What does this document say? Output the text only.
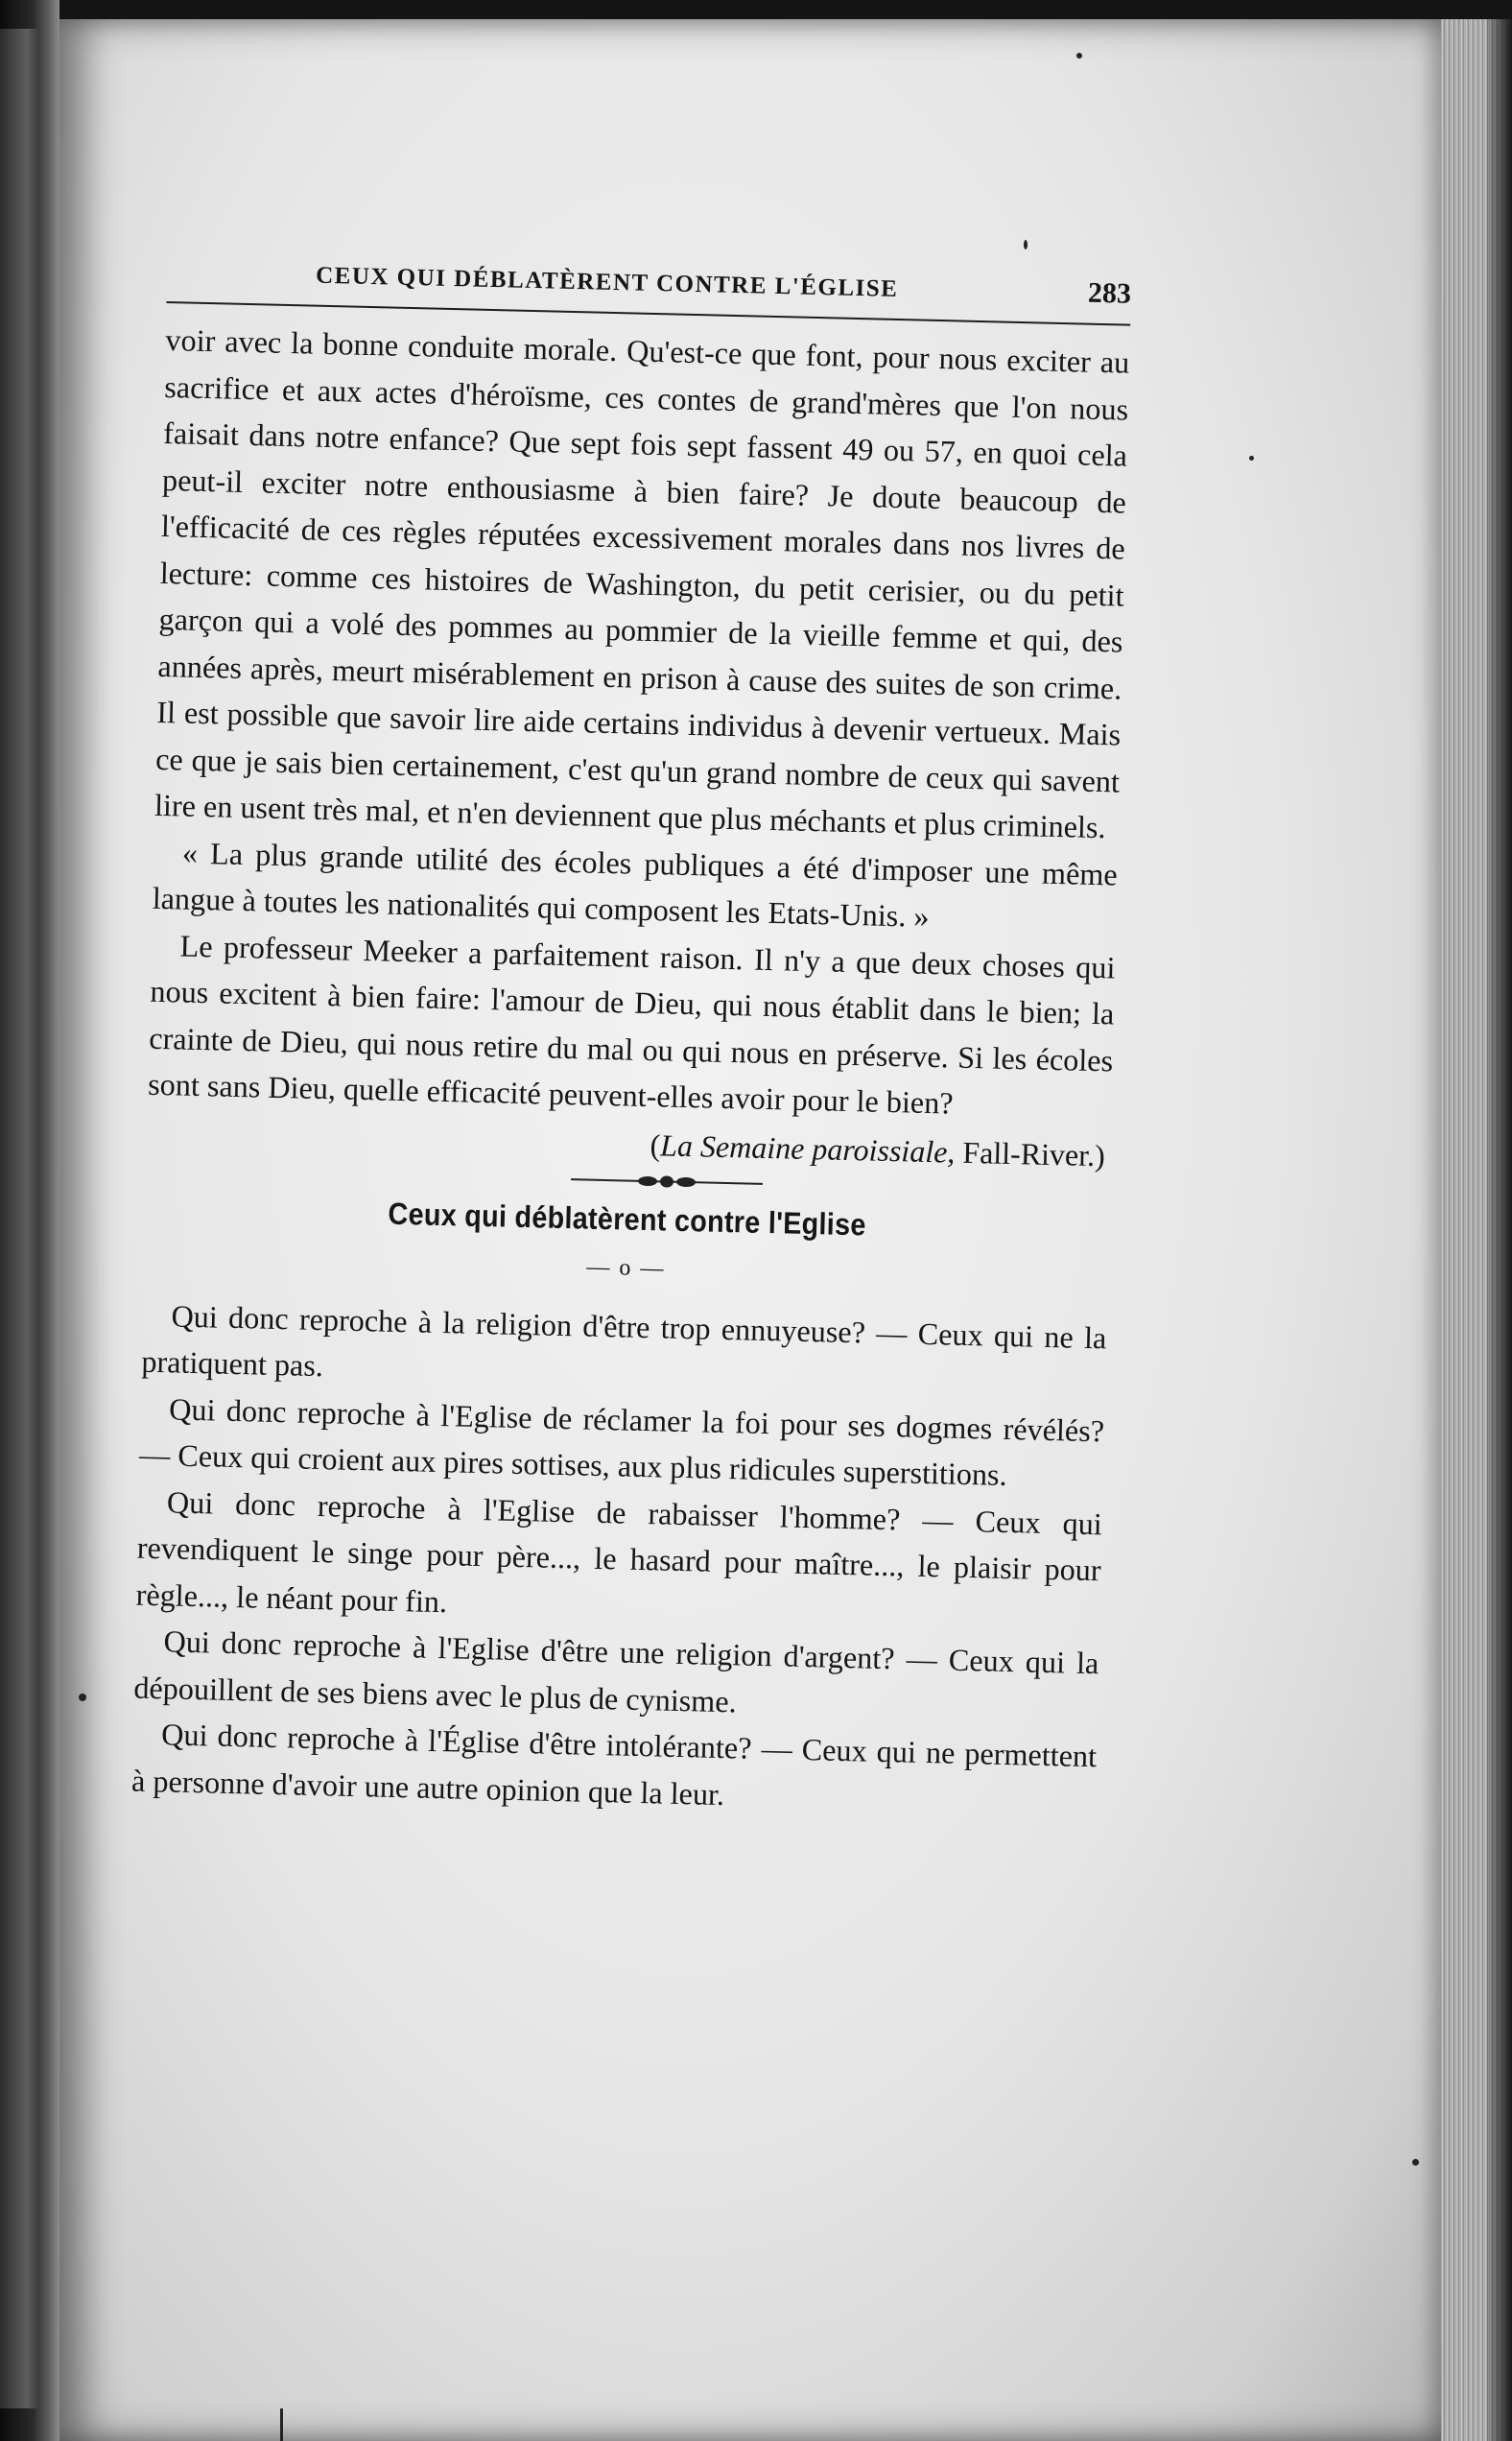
CEUX QUI DÉBLATÈRENT CONTRE L'ÉGLISE	283

voir avec la bonne conduite morale. Qu'est-ce que font, pour nous exciter au sacrifice et aux actes d'héroïsme, ces contes de grand'mères que l'on nous faisait dans notre enfance? Que sept fois sept fassent 49 ou 57, en quoi cela peut-il exciter notre enthousiasme à bien faire? Je doute beaucoup de l'efficacité de ces règles réputées excessivement morales dans nos livres de lecture: comme ces histoires de Washington, du petit cerisier, ou du petit garçon qui a volé des pommes au pommier de la vieille femme et qui, des années après, meurt misérablement en prison à cause des suites de son crime. Il est possible que savoir lire aide certains individus à devenir vertueux. Mais ce que je sais bien certainement, c'est qu'un grand nombre de ceux qui savent lire en usent très mal, et n'en deviennent que plus méchants et plus criminels.

« La plus grande utilité des écoles publiques a été d'imposer une même langue à toutes les nationalités qui composent les Etats-Unis. »

Le professeur Meeker a parfaitement raison. Il n'y a que deux choses qui nous excitent à bien faire: l'amour de Dieu, qui nous établit dans le bien; la crainte de Dieu, qui nous retire du mal ou qui nous en préserve. Si les écoles sont sans Dieu, quelle efficacité peuvent-elles avoir pour le bien?

(La Semaine paroissiale, Fall-River.)
Ceux qui déblatèrent contre l'Eglise
— o —

Qui donc reproche à la religion d'être trop ennuyeuse? — Ceux qui ne la pratiquent pas.

Qui donc reproche à l'Eglise de réclamer la foi pour ses dogmes révélés? — Ceux qui croient aux pires sottises, aux plus ridicules superstitions.

Qui donc reproche à l'Eglise de rabaisser l'homme? — Ceux qui revendiquent le singe pour père..., le hasard pour maître..., le plaisir pour règle..., le néant pour fin.

Qui donc reproche à l'Eglise d'être une religion d'argent? — Ceux qui la dépouillent de ses biens avec le plus de cynisme.

Qui donc reproche à l'Église d'être intolérante? — Ceux qui ne permettent à personne d'avoir une autre opinion que la leur.
